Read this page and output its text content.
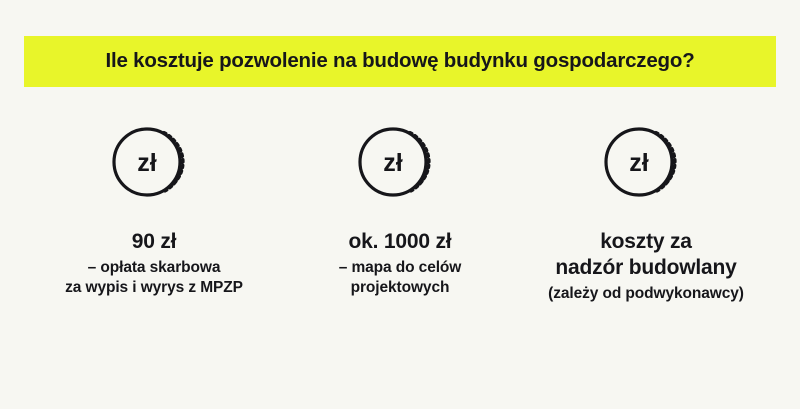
Ile kosztuje pozwolenie na budowę budynku gospodarczego?
zł
90 zł
– opłata skarbowa
za wypis i wyrys z MPZP
zł
ok. 1000 zł
– mapa do celów
projektowych
zł
koszty za
nadzór budowlany
(zależy od podwykonawcy)
